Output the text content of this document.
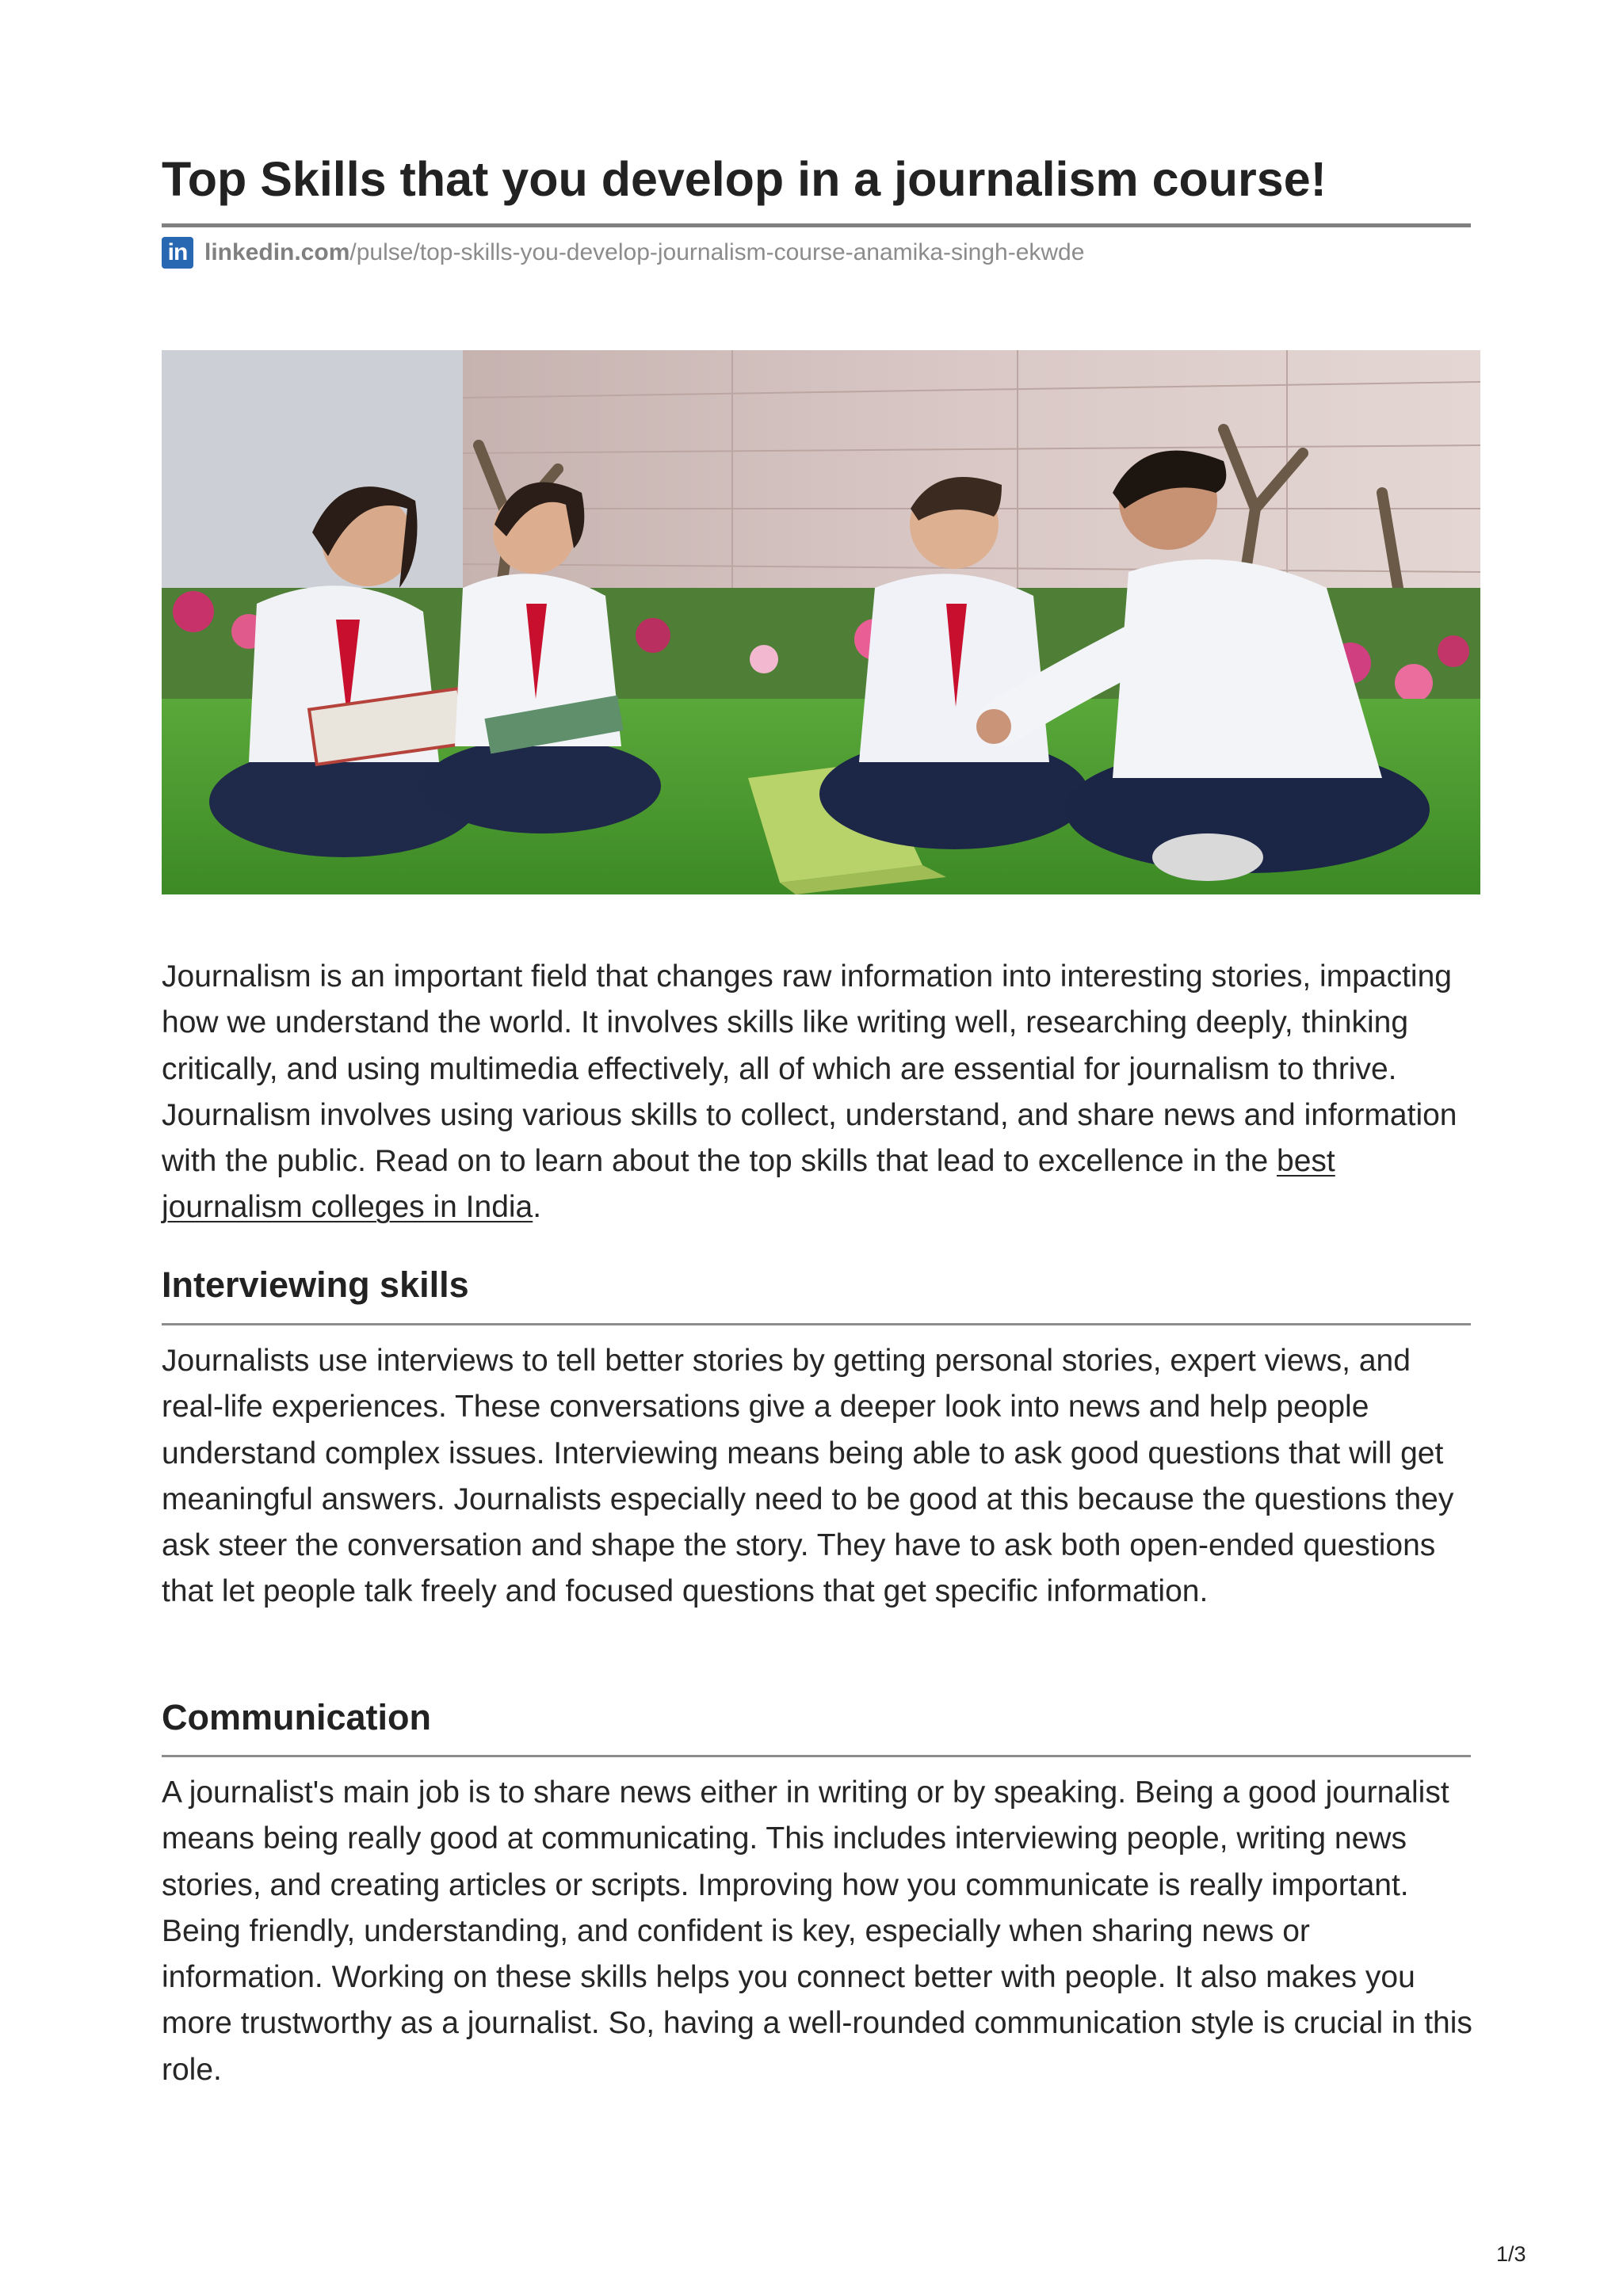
Top Skills that you develop in a journalism course!
in linkedin.com /pulse/top-skills-you-develop-journalism-course-anamika-singh-ekwde

Journalism is an important field that changes raw information into interesting stories, impacting how we understand the world. It involves skills like writing well, researching deeply, thinking critically, and using multimedia effectively, all of which are essential for journalism to thrive. Journalism involves using various skills to collect, understand, and share news and information with the public. Read on to learn about the top skills that lead to excellence in the best journalism colleges in India.

Interviewing skills

Journalists use interviews to tell better stories by getting personal stories, expert views, and real-life experiences. These conversations give a deeper look into news and help people understand complex issues. Interviewing means being able to ask good questions that will get meaningful answers. Journalists especially need to be good at this because the questions they ask steer the conversation and shape the story. They have to ask both open-ended questions that let people talk freely and focused questions that get specific information.

Communication

A journalist's main job is to share news either in writing or by speaking. Being a good journalist means being really good at communicating. This includes interviewing people, writing news stories, and creating articles or scripts. Improving how you communicate is really important. Being friendly, understanding, and confident is key, especially when sharing news or information. Working on these skills helps you connect better with people. It also makes you more trustworthy as a journalist. So, having a well-rounded communication style is crucial in this role.

1/3
